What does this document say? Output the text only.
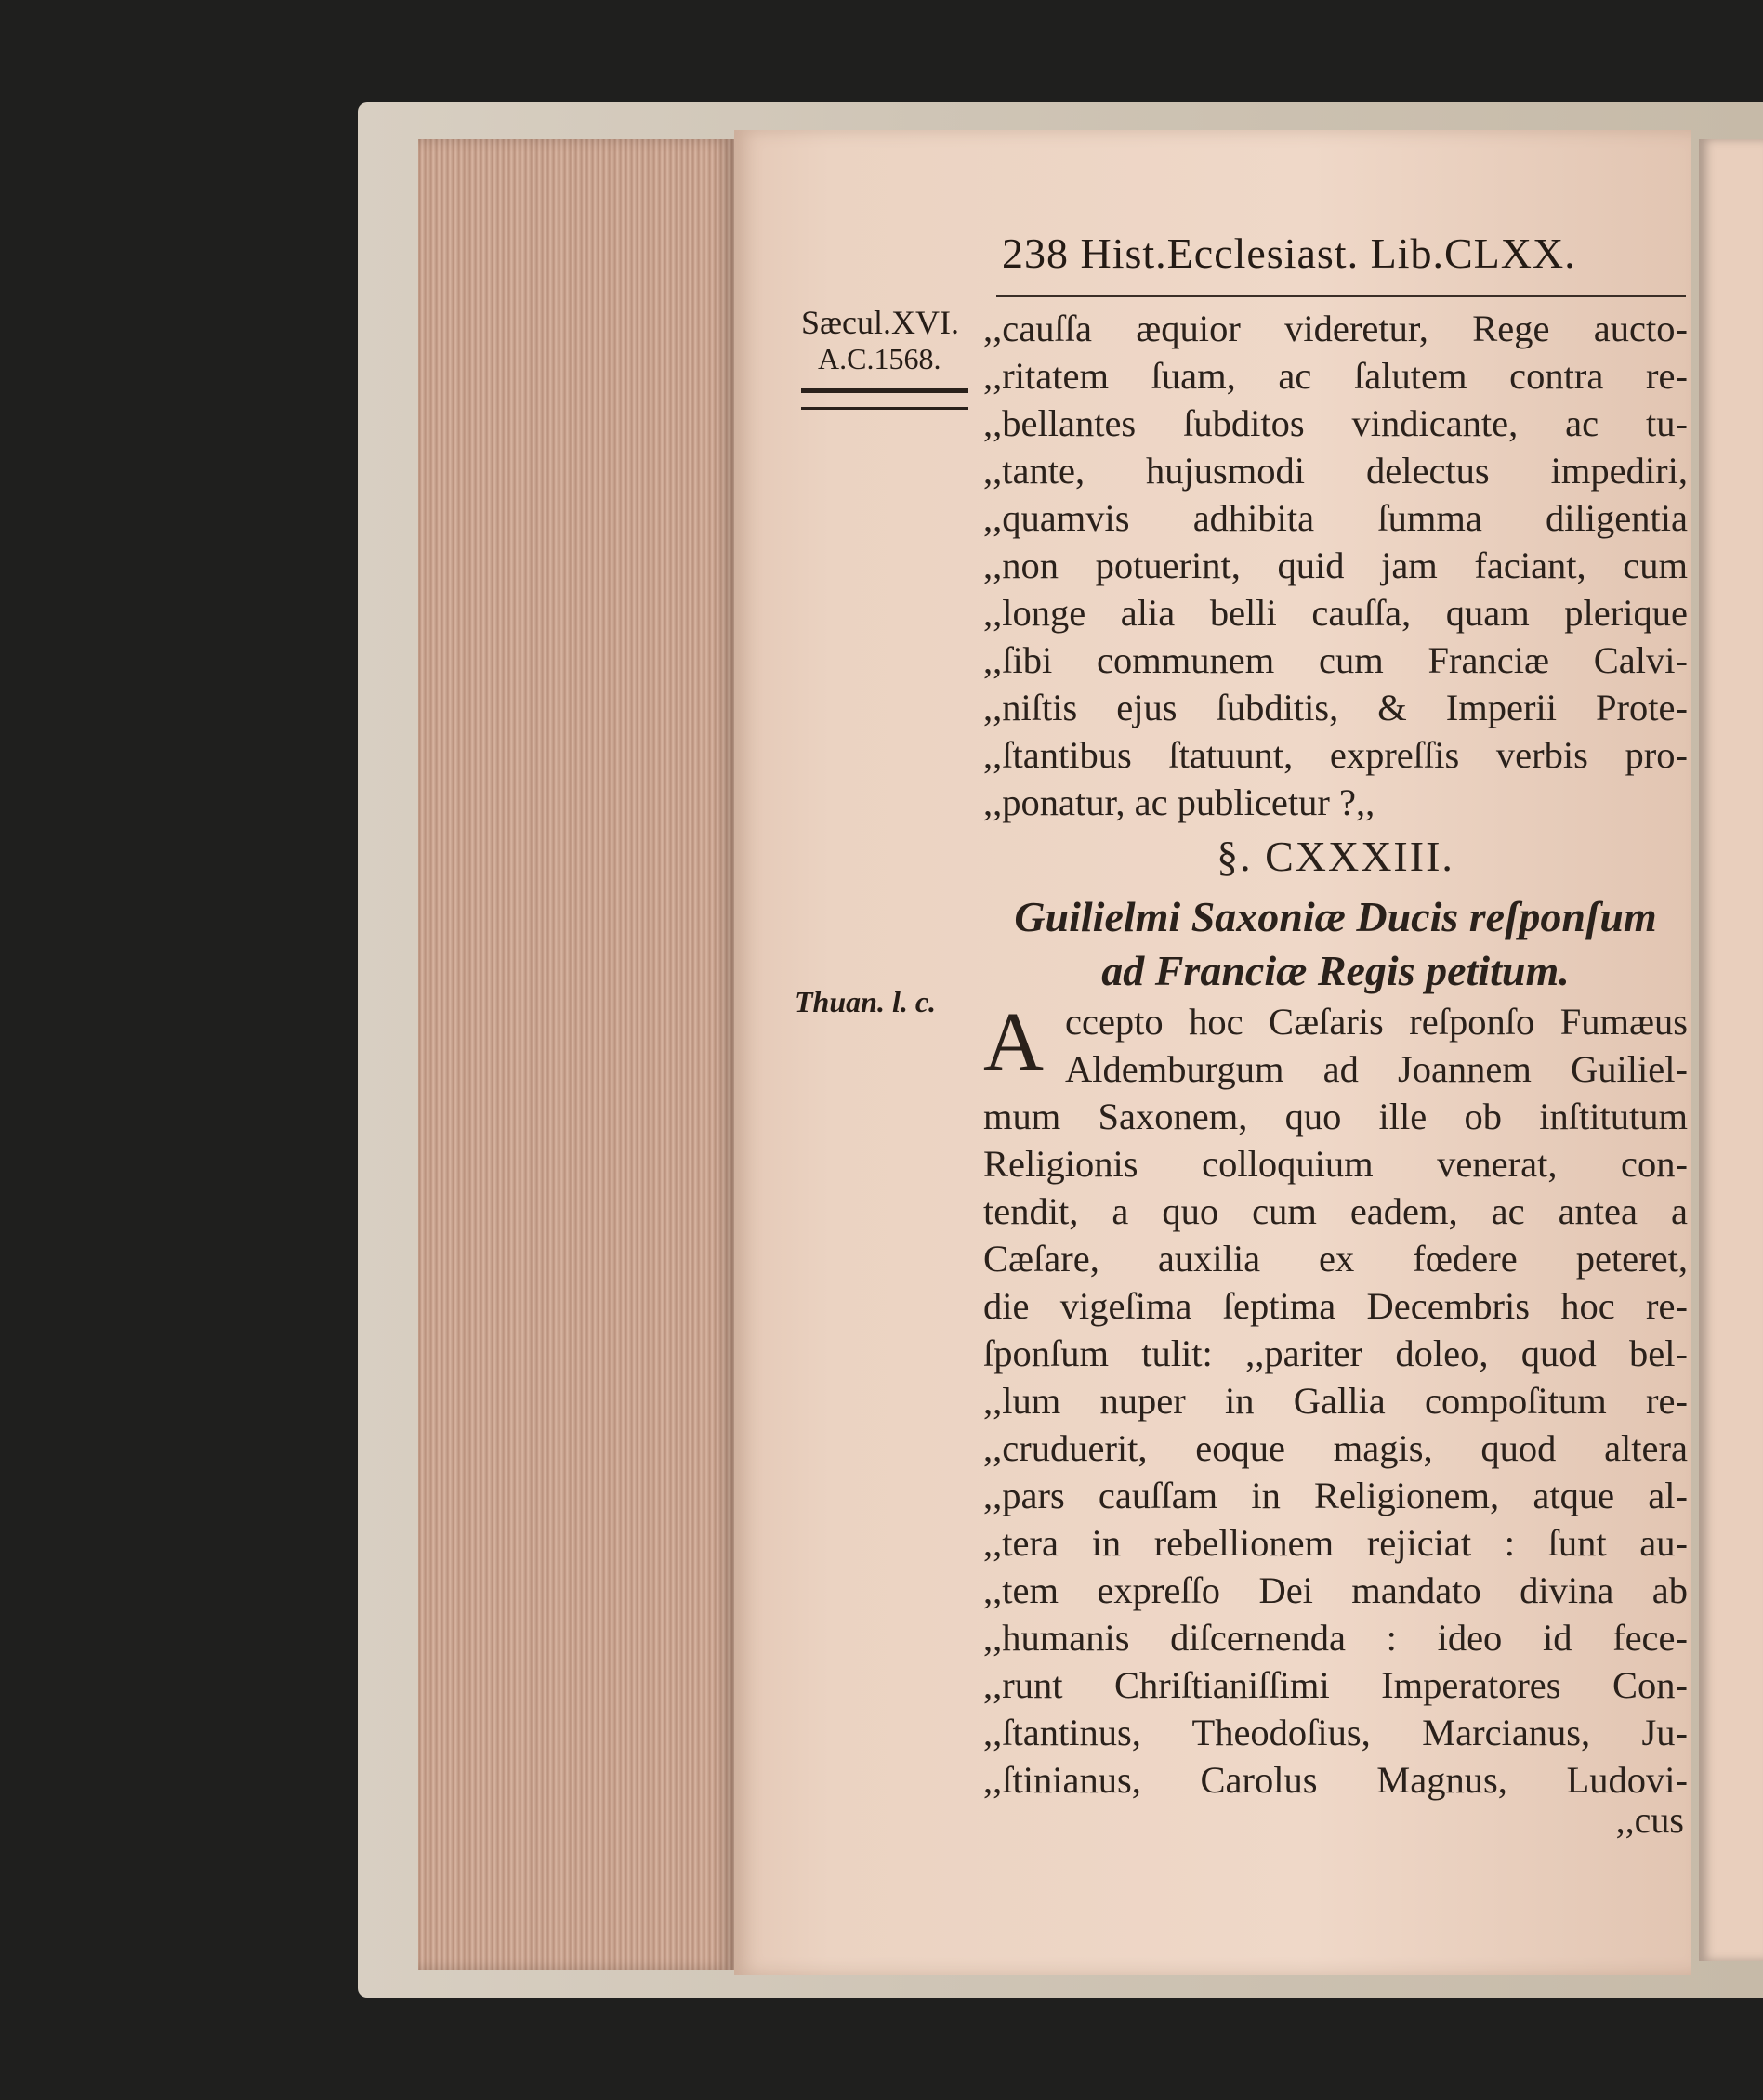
238 Hist.Ecclesiast. Lib.CLXX.
Sæcul.XVI.
A.C.1568.
Thuan. l. c.
,,cauſſa æquior videretur, Rege aucto-
,,ritatem ſuam, ac ſalutem contra re-
,,bellantes ſubditos vindicante, ac tu-
,,tante, hujusmodi delectus impediri,
,,quamvis adhibita ſumma diligentia
,,non potuerint, quid jam faciant, cum
,,longe alia belli cauſſa, quam plerique
,,ſibi communem cum Franciæ Calvi-
,,niſtis ejus ſubditis, & Imperii Prote-
,,ſtantibus ſtatuunt, expreſſis verbis pro-
,,ponatur, ac publicetur ?,,
§. CXXXIII.
Guilielmi Saxoniæ Ducis reſponſum
ad Franciæ Regis petitum.
A ccepto hoc Cæſaris reſponſo Fumæus
Aldemburgum ad Joannem Guiliel-
mum Saxonem, quo ille ob inſtitutum
Religionis colloquium venerat, con-
tendit, a quo cum eadem, ac antea a
Cæſare, auxilia ex fœdere peteret,
die vigeſima ſeptima Decembris hoc re-
ſponſum tulit: ,,pariter doleo, quod bel-
,,lum nuper in Gallia compoſitum re-
,,cruduerit, eoque magis, quod altera
,,pars cauſſam in Religionem, atque al-
,,tera in rebellionem rejiciat : ſunt au-
,,tem expreſſo Dei mandato divina ab
,,humanis diſcernenda : ideo id fece-
,,runt Chriſtianiſſimi Imperatores Con-
,,ſtantinus, Theodoſius, Marcianus, Ju-
,,ſtinianus, Carolus Magnus, Ludovi-
,,cus
